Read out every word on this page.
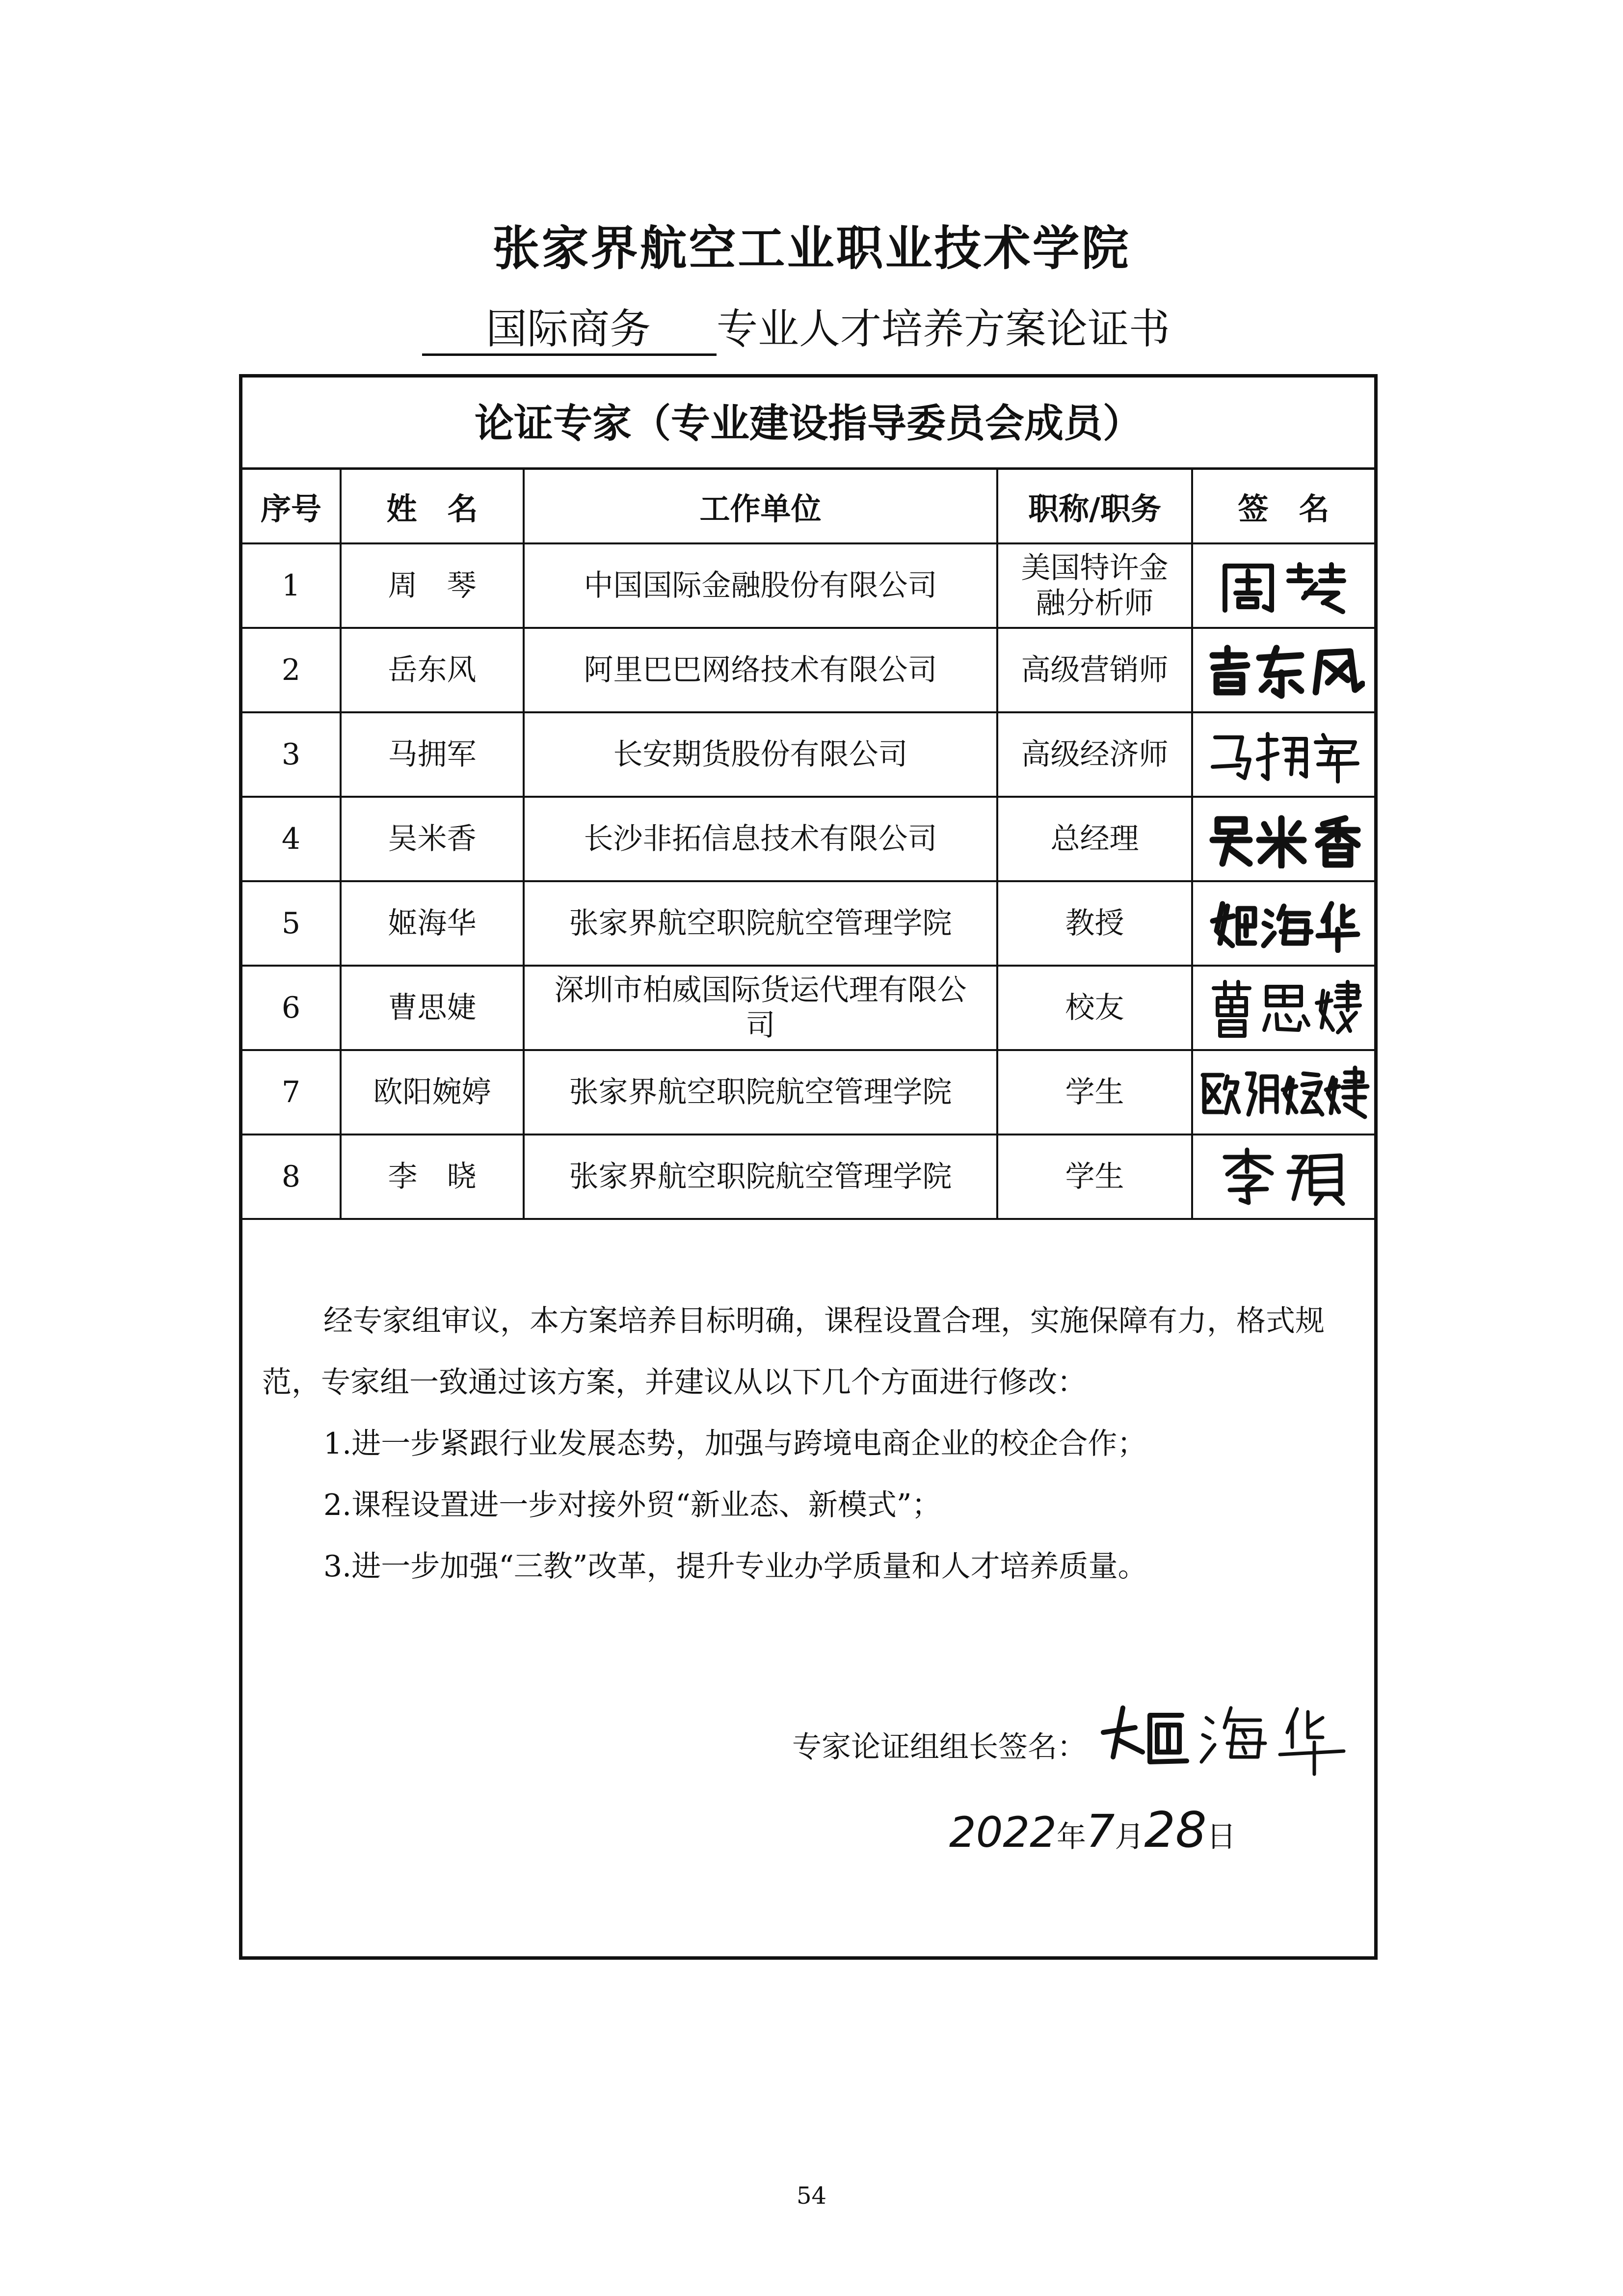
张家界航空工业职业技术学院
国际商务 专业人才培养方案论证书
论证专家（专业建设指导委员会成员）
序号	姓　名	工作单位	职称/职务	签　名
1	周　琴	中国国际金融股份有限公司	美国特许金融分析师	

2	岳东风	阿里巴巴网络技术有限公司	高级营销师	

3	马拥军	长安期货股份有限公司	高级经济师	

4	吴米香	长沙非拓信息技术有限公司	总经理	

5	姬海华	张家界航空职院航空管理学院	教授	

6	曹思婕	深圳市柏威国际货运代理有限公司	校友	

7	欧阳婉婷	张家界航空职院航空管理学院	学生	

8	李　晓	张家界航空职院航空管理学院	学生	

经专家组审议，本方案培养目标明确，课程设置合理，实施保障有力，格式规范，专家组一致通过该方案，并建议从以下几个方面进行修改：

1.进一步紧跟行业发展态势，加强与跨境电商企业的校企合作；

2.课程设置进一步对接外贸“新业态、新模式”；

3.进一步加强“三教”改革，提升专业办学质量和人才培养质量。

专家论证组组长签名：
2022年7月28日
54
